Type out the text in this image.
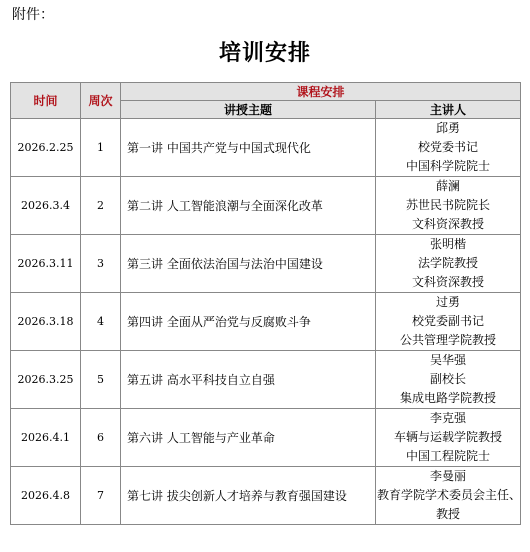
附件：
培训安排
时间	周次	课程安排	
		讲授主题	主讲人
2026.2.25	1	第一讲 中国共产党与中国式现代化	邱勇
校党委书记
中国科学院院士

2026.3.4	2	第二讲 人工智能浪潮与全面深化改革	薛澜
苏世民书院院长
文科资深教授

2026.3.11	3	第三讲 全面依法治国与法治中国建设	张明楷
法学院教授
文科资深教授

2026.3.18	4	第四讲 全面从严治党与反腐败斗争	过勇
校党委副书记
公共管理学院教授

2026.3.25	5	第五讲 高水平科技自立自强	吴华强
副校长
集成电路学院教授

2026.4.1	6	第六讲 人工智能与产业革命	李克强
车辆与运载学院教授
中国工程院院士

2026.4.8	7	第七讲 拔尖创新人才培养与教育强国建设	李曼丽
教育学院学术委员会主任、
教授
